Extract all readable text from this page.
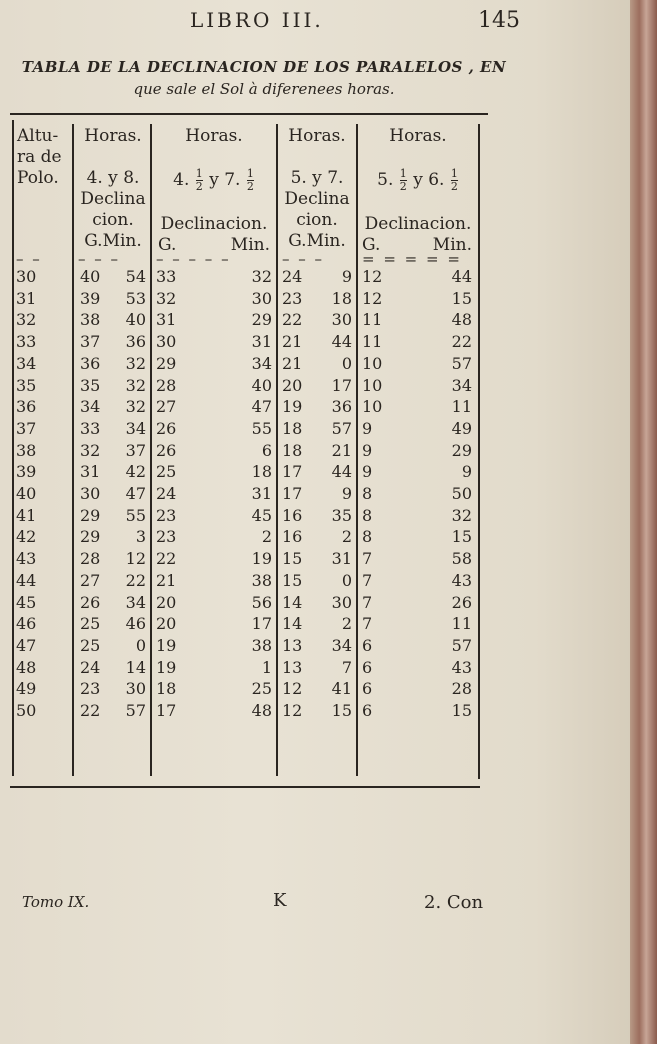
LIBRO III.	145
TABLA DE LA DECLINACION DE LOS PARALELOS , EN
que sale el Sol à diferenees horas.
Altu-
ra de
Polo.
Horas.
4. y 8.
Declina
cion.
G.Min.
Horas.
4. $\frac{1}{2}$ y 7. $\frac{1}{2}$
Declinacion.
G.	Min.
Horas.
5. y 7.
Declina
cion.
G.Min.
Horas.
5. $\frac{1}{2}$ y 6. $\frac{1}{2}$
Declinacion.
G.	Min.
– – – – – – – – – –	– – –	= = = = =
30	40	54 33	32 24	9 12	44
31	39	53 32	30 23	18 12	15
32	38	40 31	29 22	30 11	48
33	37	36 30	31 21	44 11	22
34	36	32 29	34 21	0 10	57
35	35	32 28	40 20	17 10	34
36	34	32 27	47 19	36 10	11
37	33	34 26	55 18	57 9	49
38	32	37 26	6 18	21 9	29
39	31	42 25	18 17	44 9	9
40	30	47 24	31 17	9 8	50
41	29	55 23	45 16	35 8	32
42	29	3 23	2 16	2 8	15
43	28	12 22	19 15	31 7	58
44	27	22 21	38 15	0 7	43
45	26	34 20	56 14	30 7	26
46	25	46 20	17 14	2 7	11
47	25	0 19	38 13	34 6	57
48	24	14 19	1 13	7 6	43
49	23	30 18	25 12	41 6	28
50	22	57 17	48 12	15 6	15
Tomo IX.	K	2. Con
